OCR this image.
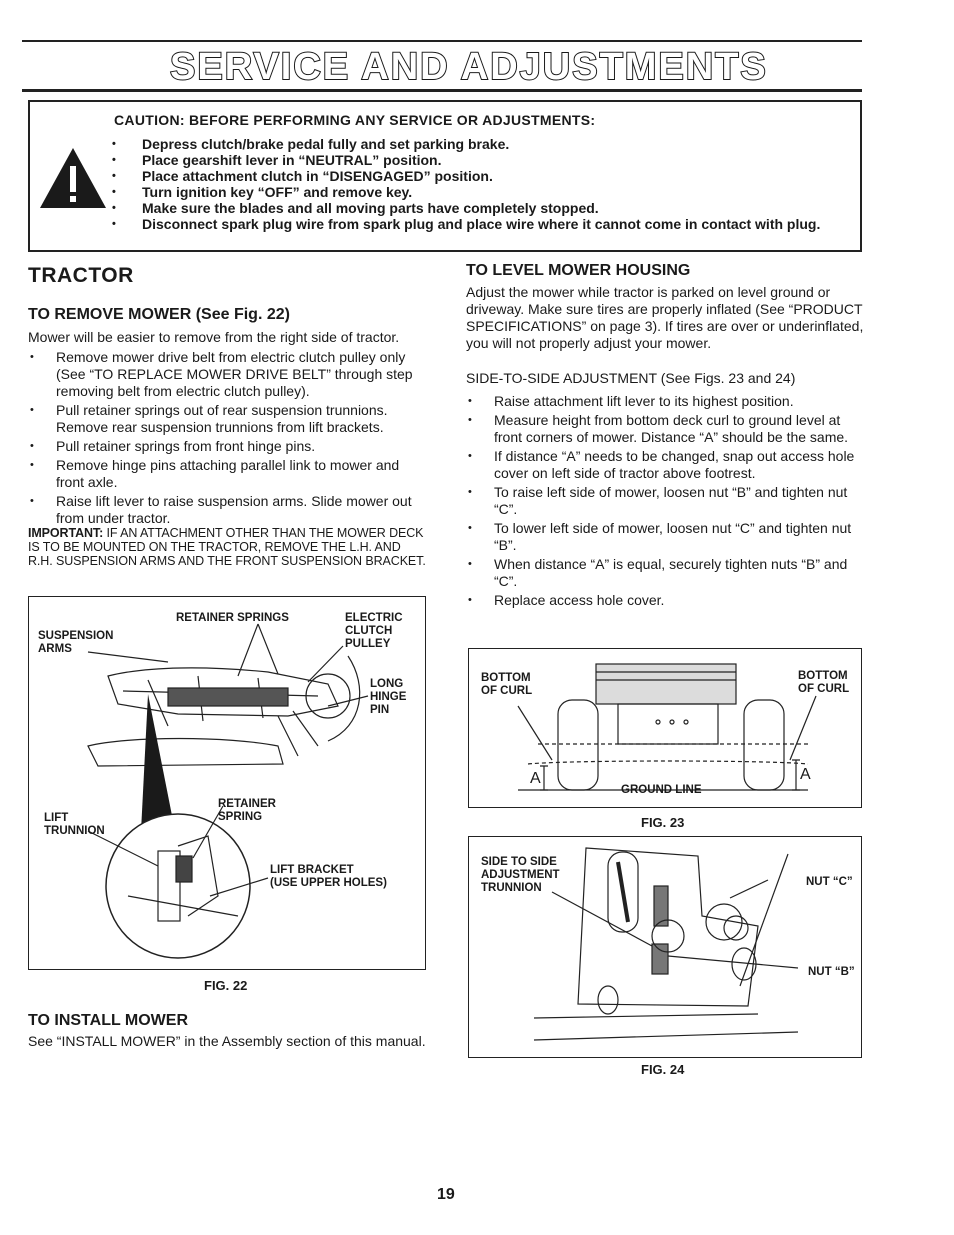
SERVICE AND ADJUSTMENTS
CAUTION: BEFORE PERFORMING ANY SERVICE OR ADJUSTMENTS:
• Depress clutch/brake pedal fully and set parking brake.
• Place gearshift lever in “NEUTRAL” position.
• Place attachment clutch in “DISENGAGED” position.
• Turn ignition key “OFF” and remove key.
• Make sure the blades and all moving parts have completely stopped.
• Disconnect spark plug wire from spark plug and place wire where it cannot come in contact with plug.
TRACTOR
TO REMOVE MOWER (See Fig. 22)
Mower will be easier to remove from the right side of tractor.
• Remove mower drive belt from electric clutch pulley only (See “TO REPLACE MOWER DRIVE BELT” through step removing belt from electric clutch pulley).
• Pull retainer springs out of rear suspension trunnions. Remove rear suspension trunnions from lift brackets.
• Pull retainer springs from front hinge pins.
• Remove hinge pins attaching parallel link to mower and front axle.
• Raise lift lever to raise suspension arms. Slide mower out from under tractor.
IMPORTANT: IF AN ATTACHMENT OTHER THAN THE MOWER DECK IS TO BE MOUNTED ON THE TRACTOR, REMOVE THE L.H. AND R.H. SUSPENSION ARMS AND THE FRONT SUSPENSION BRACKET.
SUSPENSION
ARMS
RETAINER SPRINGS	ELECTRIC
CLUTCH
PULLEY
LONG
HINGE
PIN
LIFT
TRUNNION
RETAINER
SPRING
LIFT BRACKET
(USE UPPER HOLES)
FIG. 22
TO INSTALL MOWER
See “INSTALL MOWER” in the Assembly section of this manual.
TO LEVEL MOWER HOUSING
Adjust the mower while tractor is parked on level ground or driveway. Make sure tires are properly inflated (See “PRODUCT SPECIFICATIONS” on page 3). If tires are over or underinflated, you will not properly adjust your mower.
SIDE-TO-SIDE ADJUSTMENT (See Figs. 23 and 24)
• Raise attachment lift lever to its highest position.
• Measure height from bottom deck curl to ground level at front corners of mower. Distance “A” should be the same.
• If distance “A” needs to be changed, snap out access hole cover on left side of tractor above footrest.
• To raise left side of mower, loosen nut “B” and tighten nut “C”.
• To lower left side of mower, loosen nut “C” and tighten nut “B”.
• When distance “A” is equal, securely tighten nuts “B” and “C”.
• Replace access hole cover.
BOTTOM
OF CURL
BOTTOM
OF CURL
GROUND LINE
A	A
FIG. 23
SIDE TO SIDE
ADJUSTMENT
TRUNNION	NUT “C”
NUT “B”
FIG. 24
19
